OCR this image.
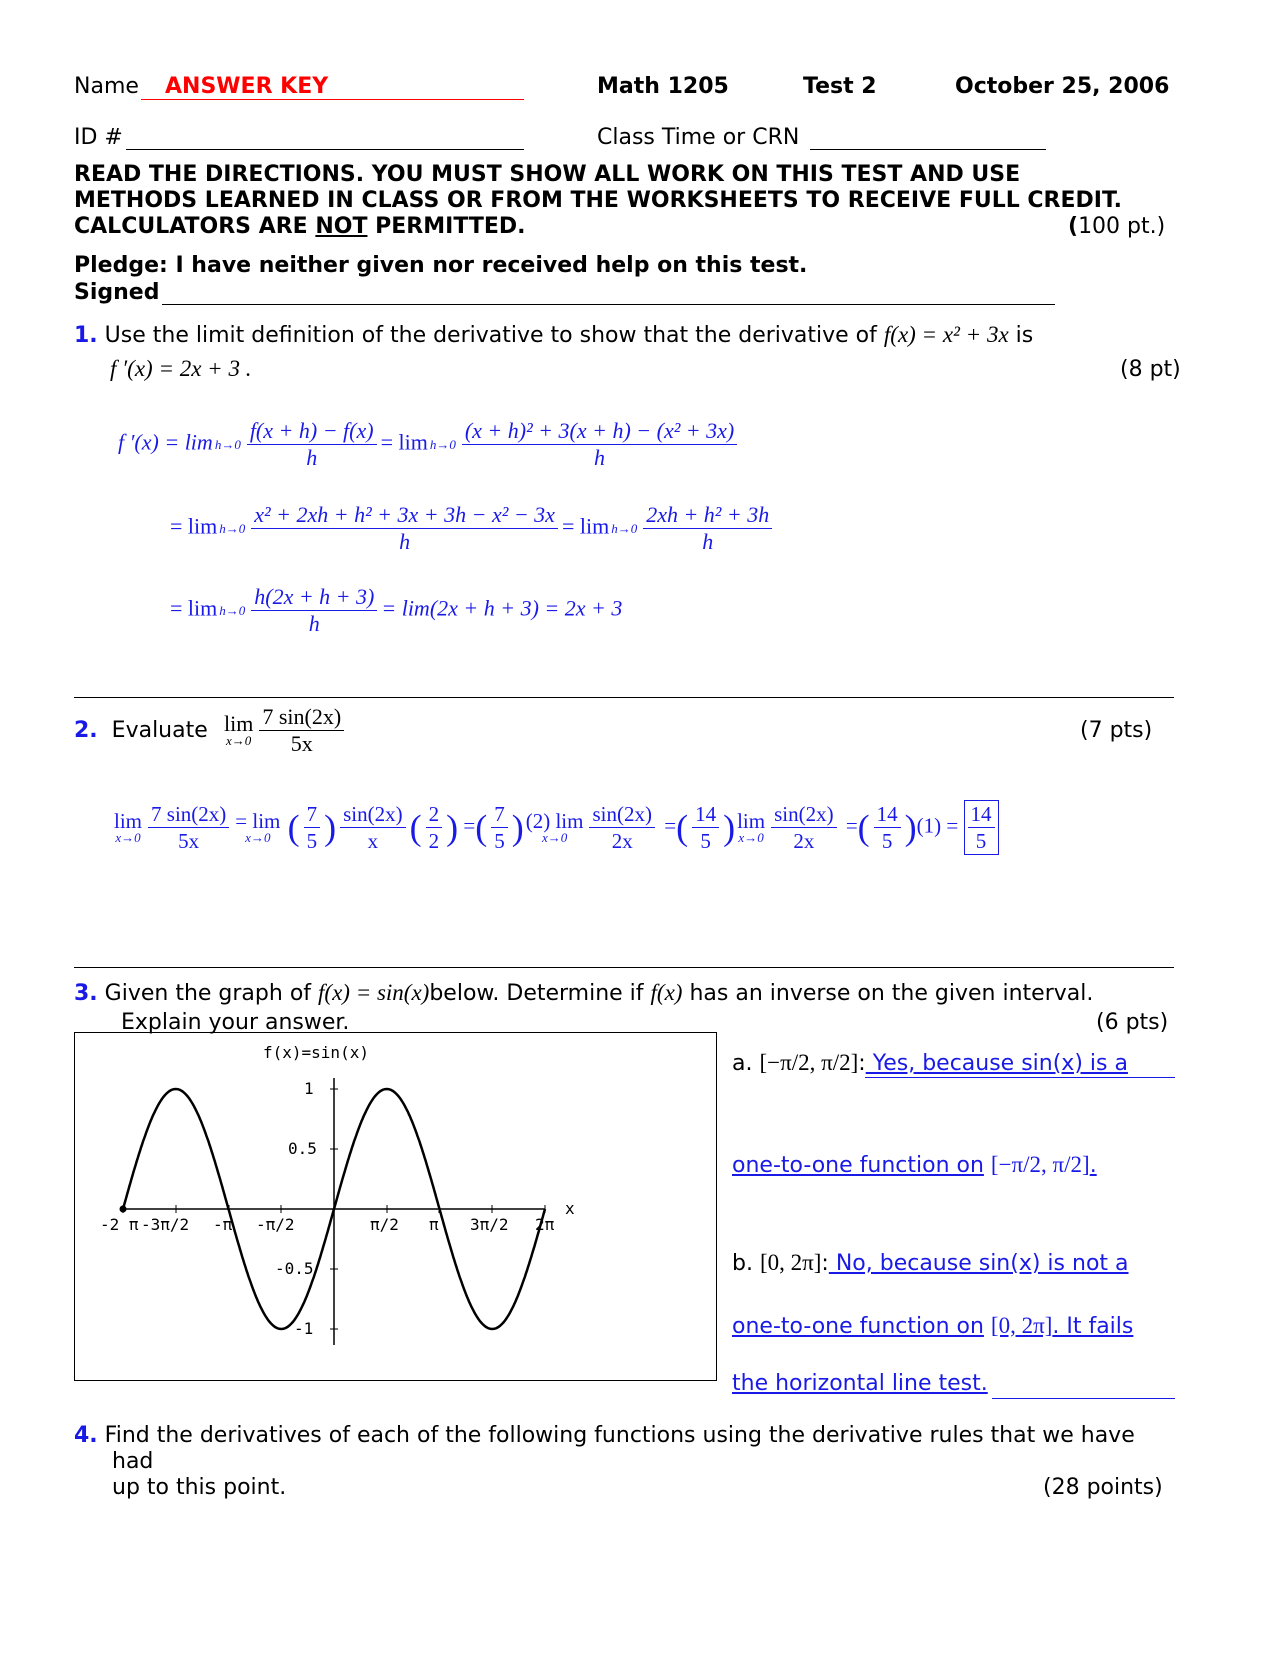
Name ANSWER KEY	Math 1205	Test 2	October 25, 2006
ID #	Class Time or CRN
READ THE DIRECTIONS. YOU MUST SHOW ALL WORK ON THIS TEST AND USE
METHODS LEARNED IN CLASS OR FROM THE WORKSHEETS TO RECEIVE FULL CREDIT.
CALCULATORS ARE NOT PERMITTED.	(100 pt.)
Pledge: I have neither given nor received help on this test.
Signed
1. Use the limit definition of the derivative to show that the derivative of f(x) = x² + 3x is
f ′(x) = 2x + 3 .	(8 pt)
f $'(x) = \lim h\to 0 \frac{f(x + h) - f(x)}{h} = \lim h\to 0 \frac{\text{(x + h)² + 3(x + h) − (x² + 3x)}}{h}$
= $\lim h\to 0 \frac{\text{x² + 2xh + h² + 3x + 3h − x² − 3x}}{h} = \lim h\to 0 \frac{\text{2xh + h² + 3h}}{h}$
= $\lim h\to 0 \frac{h(2x + h + 3)}{h} = \lim(2x + h + 3) = 2x + 3$
2. Evaluate lim
$x\to 0 \frac{7 \sin(2x)}{5x}$	(7 pts)
lim
$x\to 0 \frac{7 \sin(2x)}{5x} = \lim$
x→0 ( $\frac{7}{5}$ ) $\frac{\sin(2x)}{x}$ ( $\frac{2}{2}$ ) =( $\frac{7}{5} )(2)$ lim
x→0	$\frac{\sin(2x)}{2x}$ =( $\frac{14}{5} )\lim$
$x\to 0 \frac{\sin(2x)}{2x}$ =( $\frac{14}{5} )(1) = \frac{14}{5}$
3. Given the graph of f(x) = sin(x)below. Determine if f(x) has an inverse on the given interval.
Explain your answer.	(6 pts)
f(x)=sin(x)
x
1
0.5
-0.5
-1
-2 π -3π/2 -π -π/2	π/2 π 3π/2 2π
a. [−π/2, π/2]: Yes, because sin(x) is a
one-to-one function on [−π/2, π/2].
b. [0, 2π]: No, because sin(x) is not a
one-to-one function on [0, 2π]. It fails
the horizontal line test.
4. Find the derivatives of each of the following functions using the derivative rules that we have
had
up to this point.	(28 points)
